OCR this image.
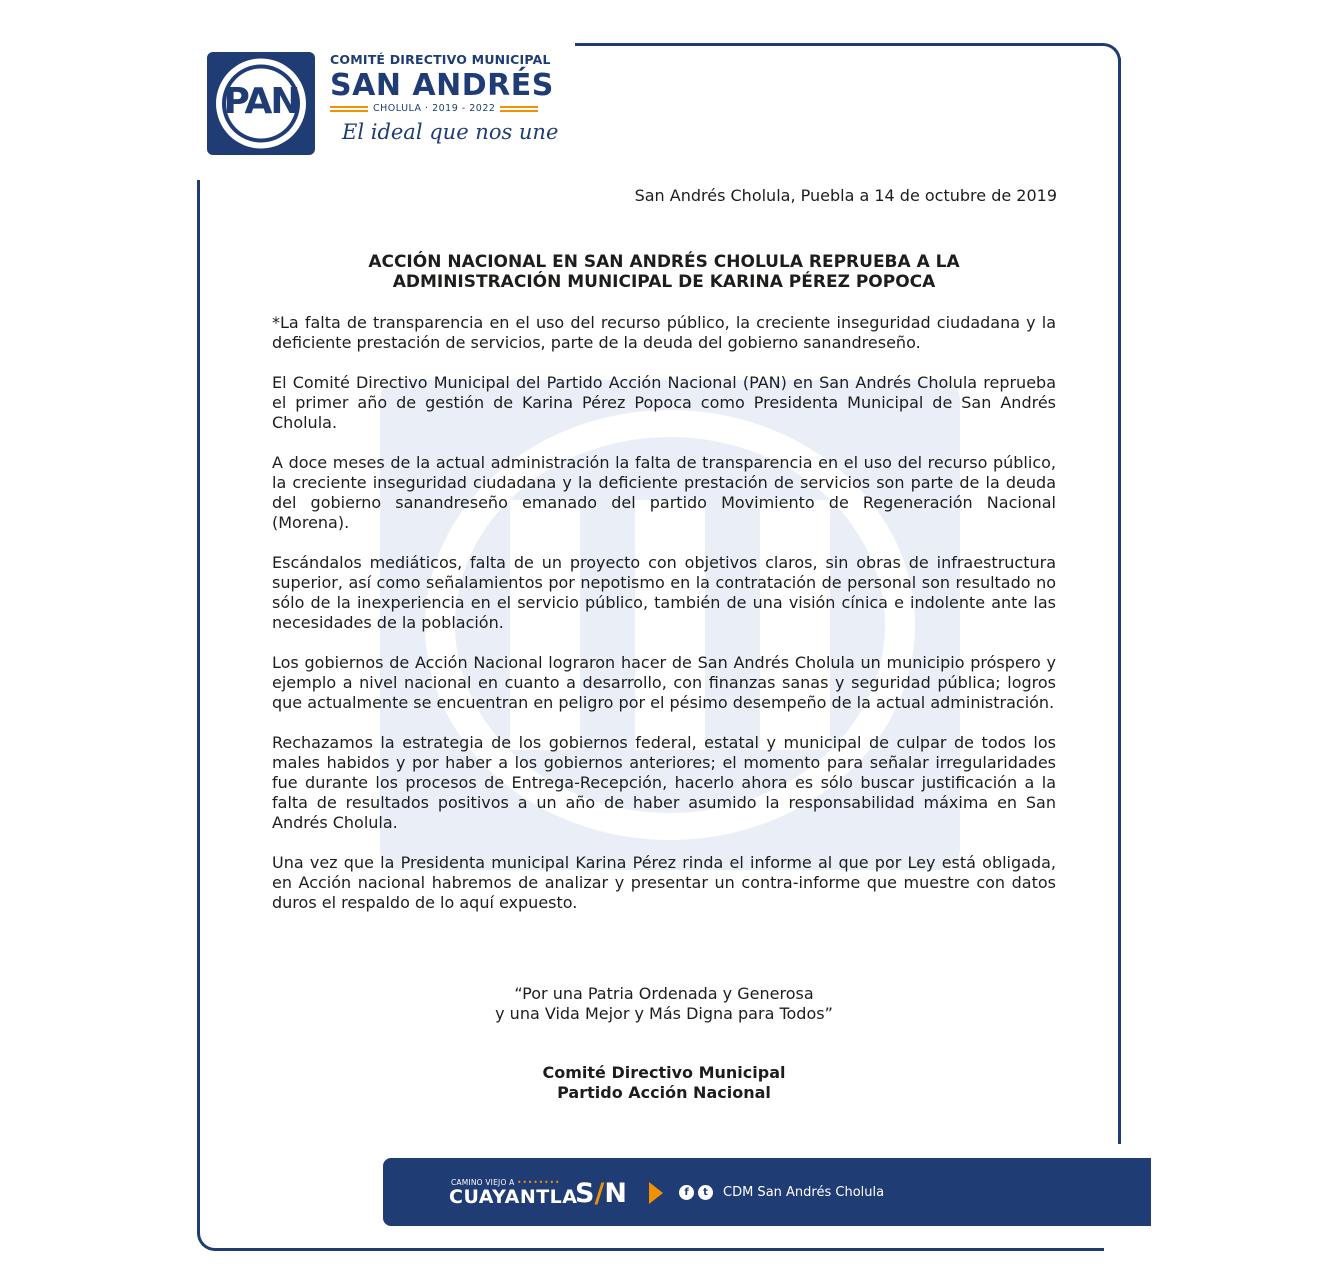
PAN
COMITÉ DIRECTIVO MUNICIPAL
SAN ANDRÉS
CHOLULA · 2019 - 2022
El ideal que nos une
San Andrés Cholula, Puebla a 14 de octubre de 2019
ACCIÓN NACIONAL EN SAN ANDRÉS CHOLULA REPRUEBA A LA
ADMINISTRACIÓN MUNICIPAL DE KARINA PÉREZ POPOCA

*La falta de transparencia en el uso del recurso público, la creciente inseguridad ciudadana y la deficiente prestación de servicios, parte de la deuda del gobierno sanandreseño.

El Comité Directivo Municipal del Partido Acción Nacional (PAN) en San Andrés Cholula reprueba el primer año de gestión de Karina Pérez Popoca como Presidenta Municipal de San Andrés Cholula.

A doce meses de la actual administración la falta de transparencia en el uso del recurso público, la creciente inseguridad ciudadana y la deficiente prestación de servicios son parte de la deuda del gobierno sanandreseño emanado del partido Movimiento de Regeneración Nacional (Morena).

Escándalos mediáticos, falta de un proyecto con objetivos claros, sin obras de infraestructura superior, así como señalamientos por nepotismo en la contratación de personal son resultado no sólo de la inexperiencia en el servicio público, también de una visión cínica e indolente ante las necesidades de la población.

Los gobiernos de Acción Nacional lograron hacer de San Andrés Cholula un municipio próspero y ejemplo a nivel nacional en cuanto a desarrollo, con finanzas sanas y seguridad pública; logros que actualmente se encuentran en peligro por el pésimo desempeño de la actual administración.

Rechazamos la estrategia de los gobiernos federal, estatal y municipal de culpar de todos los males habidos y por haber a los gobiernos anteriores; el momento para señalar irregularidades fue durante los procesos de Entrega-Recepción, hacerlo ahora es sólo buscar justificación a la falta de resultados positivos a un año de haber asumido la responsabilidad máxima en San Andrés Cholula.

Una vez que la Presidenta municipal Karina Pérez rinda el informe al que por Ley está obligada, en Acción nacional habremos de analizar y presentar un contra-informe que muestre con datos duros el respaldo de lo aquí expuesto.

“Por una Patria Ordenada y Generosa
y una Vida Mejor y Más Digna para Todos”
Comité Directivo Municipal
Partido Acción Nacional
CAMINO VIEJO A ••••••••
CUAYANTLA
S/N	f	t	CDM San Andrés Cholula
